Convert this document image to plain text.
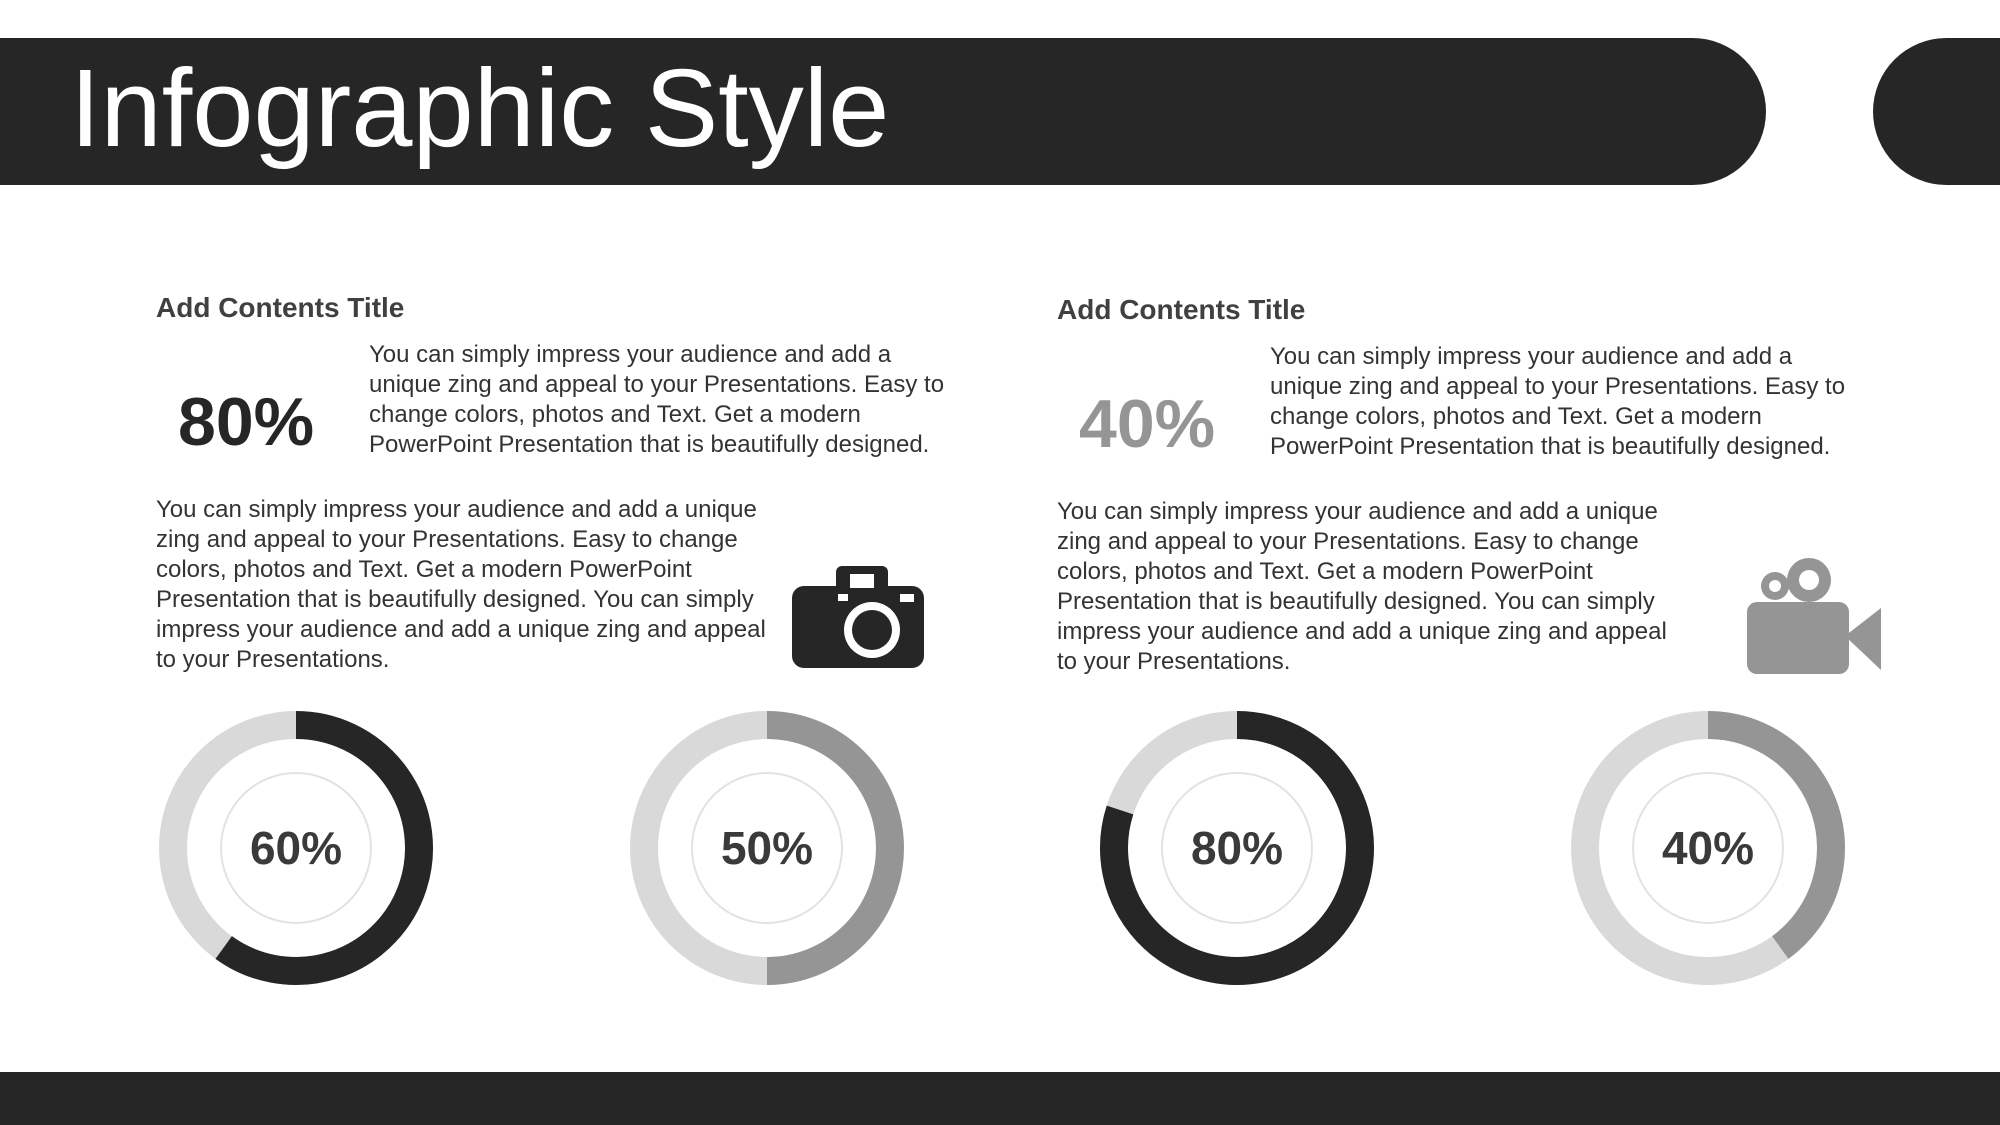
Infographic Style
Add Contents Title
80%
You can simply impress your audience and add a unique zing and appeal to your Presentations. Easy to change colors, photos and Text. Get a modern PowerPoint Presentation that is beautifully designed.
You can simply impress your audience and add a unique zing and appeal to your Presentations. Easy to change colors, photos and Text. Get a modern PowerPoint Presentation that is beautifully designed. You can simply impress your audience and add a unique zing and appeal to your Presentations.
Add Contents Title
40%
You can simply impress your audience and add a unique zing and appeal to your Presentations. Easy to change colors, photos and Text. Get a modern PowerPoint Presentation that is beautifully designed.
You can simply impress your audience and add a unique zing and appeal to your Presentations. Easy to change colors, photos and Text. Get a modern PowerPoint Presentation that is beautifully designed. You can simply impress your audience and add a unique zing and appeal to your Presentations.
60%	50%	80%	40%
